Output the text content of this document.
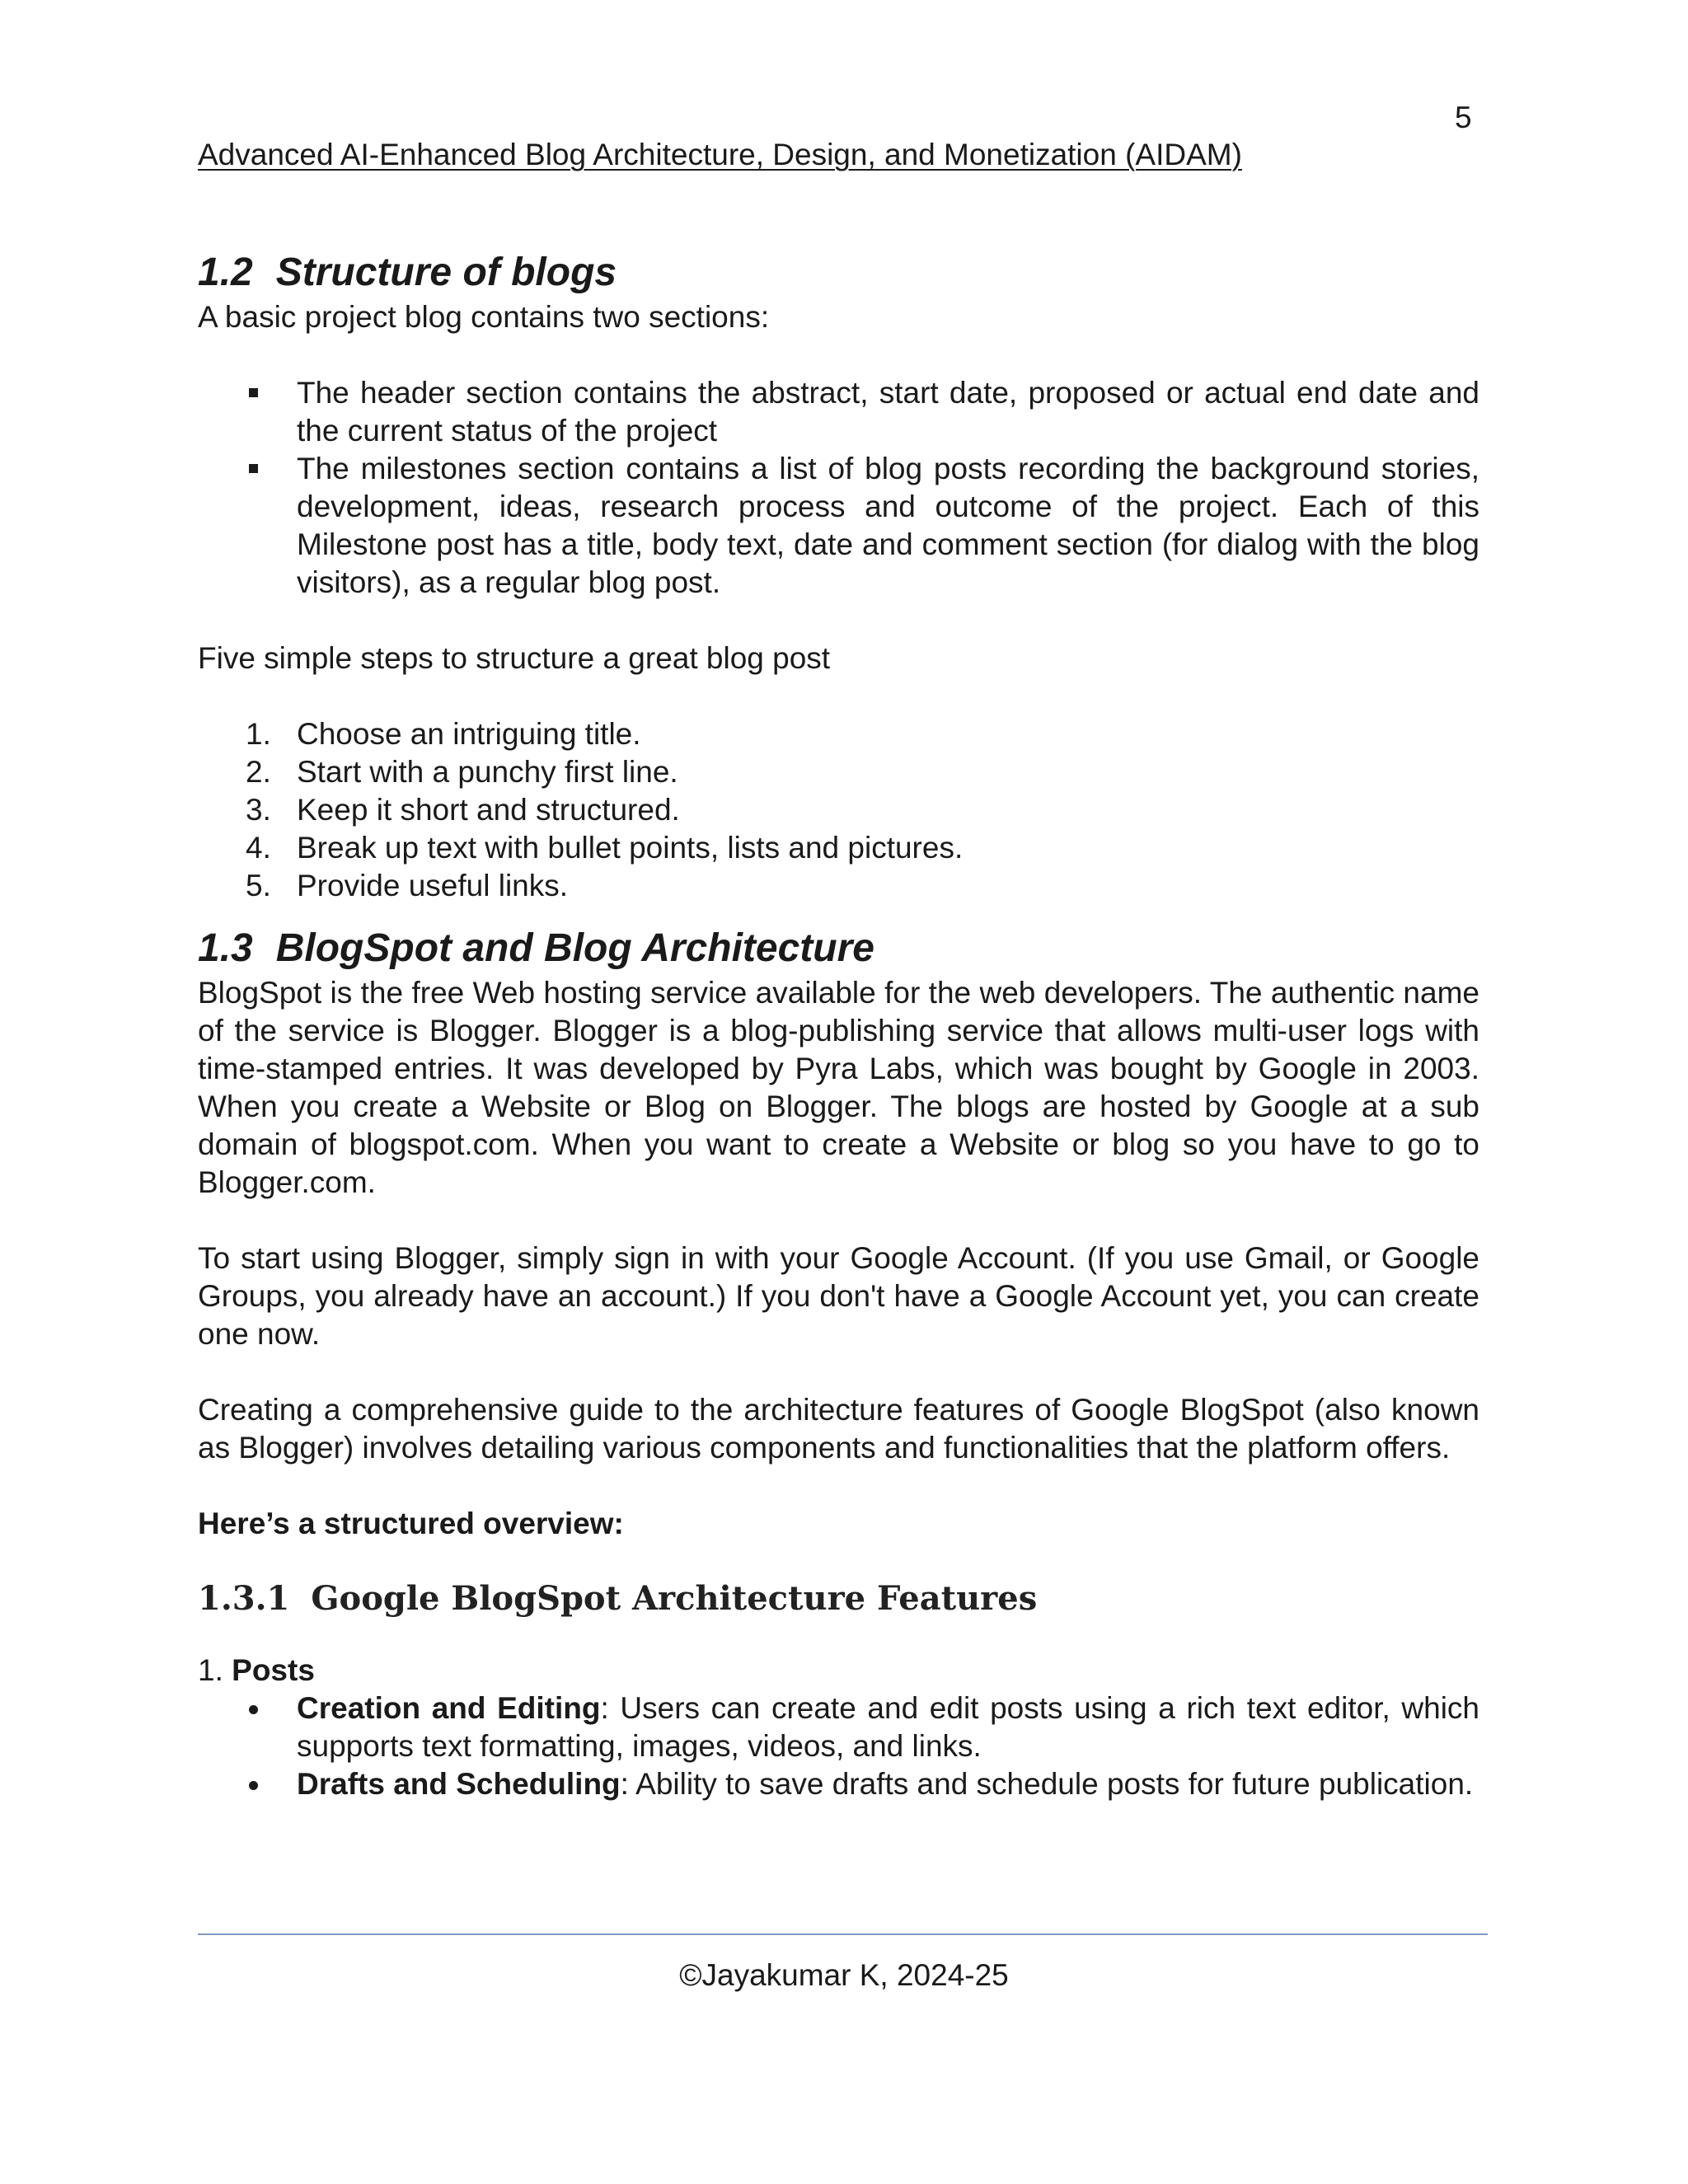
5
Advanced AI-Enhanced Blog Architecture, Design, and Monetization (AIDAM)
1.2 Structure of blogs

A basic project blog contains two sections:

The header section contains the abstract, start date, proposed or actual end date and the current status of the project
The milestones section contains a list of blog posts recording the background stories, development, ideas, research process and outcome of the project. Each of this Milestone post has a title, body text, date and comment section (for dialog with the blog visitors), as a regular blog post.

Five simple steps to structure a great blog post

1. Choose an intriguing title.
2. Start with a punchy first line.
3. Keep it short and structured.
4. Break up text with bullet points, lists and pictures.
5. Provide useful links.
1.3 BlogSpot and Blog Architecture

BlogSpot is the free Web hosting service available for the web developers. The authentic name of the service is Blogger. Blogger is a blog-publishing service that allows multi-user logs with time-stamped entries. It was developed by Pyra Labs, which was bought by Google in 2003. When you create a Website or Blog on Blogger. The blogs are hosted by Google at a sub domain of blogspot.com. When you want to create a Website or blog so you have to go to Blogger.com.

To start using Blogger, simply sign in with your Google Account. (If you use Gmail, or Google Groups, you already have an account.) If you don't have a Google Account yet, you can create one now.

Creating a comprehensive guide to the architecture features of Google BlogSpot (also known as Blogger) involves detailing various components and functionalities that the platform offers.

Here’s a structured overview:

1.3.1 Google BlogSpot Architecture Features

1. Posts

Creation and Editing: Users can create and edit posts using a rich text editor, which supports text formatting, images, videos, and links.
Drafts and Scheduling: Ability to save drafts and schedule posts for future publication.
©Jayakumar K, 2024-25
